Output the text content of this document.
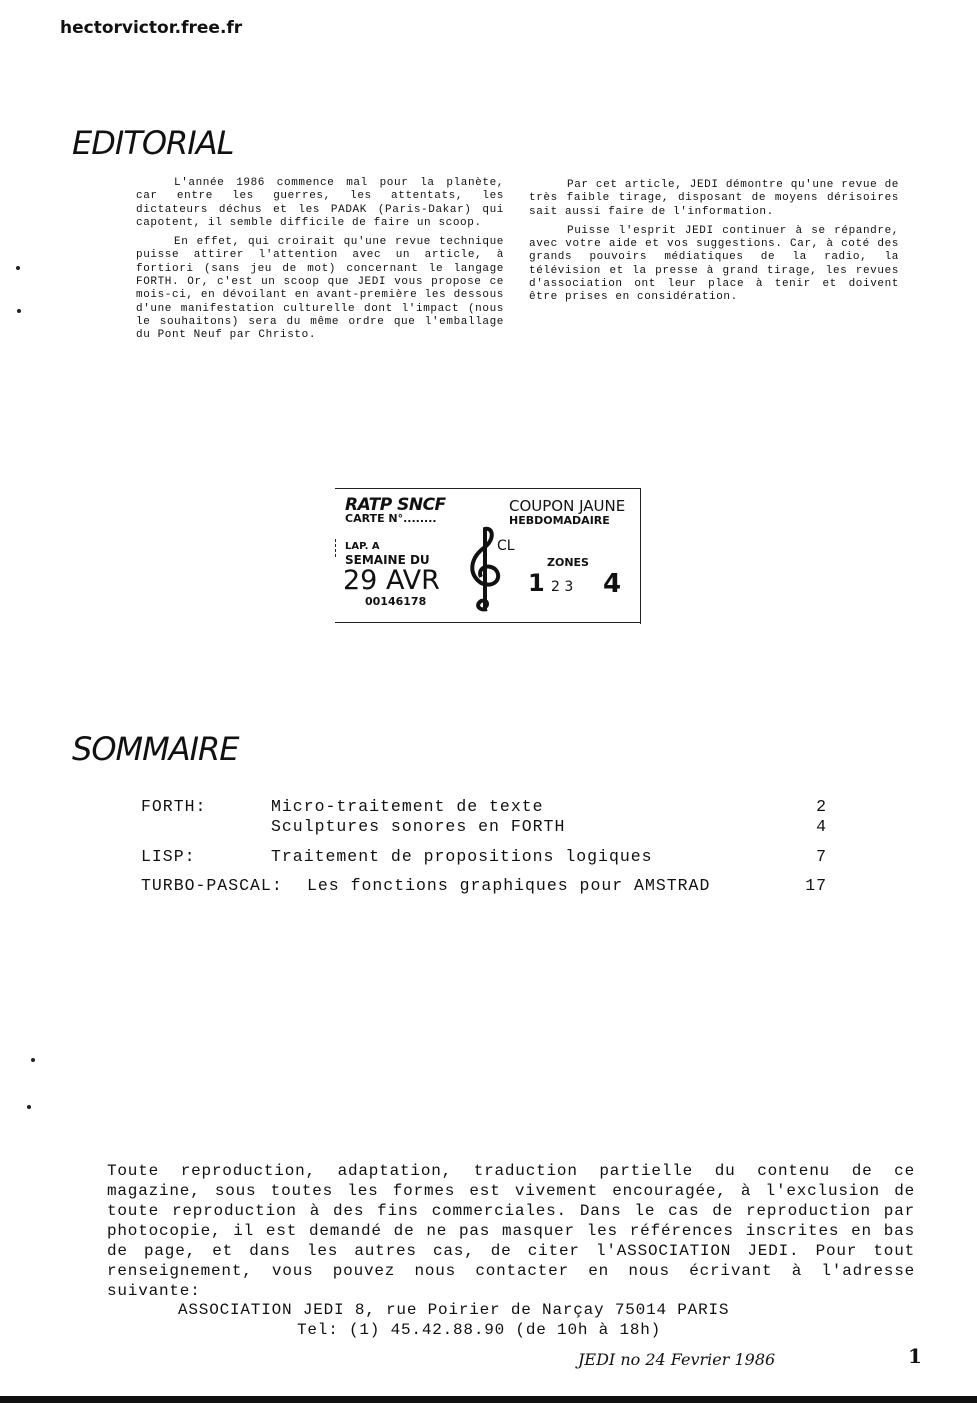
hectorvictor.free.fr
EDITORIAL

L'année 1986 commence mal pour la planète, car entre les guerres, les attentats, les dictateurs déchus et les PADAK (Paris-Dakar) qui capotent, il semble difficile de faire un scoop.

En effet, qui croirait qu'une revue technique puisse attirer l'attention avec un article, à fortiori (sans jeu de mot) concernant le langage FORTH. Or, c'est un scoop que JEDI vous propose ce mois-ci, en dévoilant en avant-première les dessous d'une manifestation culturelle dont l'impact (nous le souhaitons) sera du même ordre que l'emballage du Pont Neuf par Christo.

Par cet article, JEDI démontre qu'une revue de très faible tirage, disposant de moyens dérisoires sait aussi faire de l'information.

Puisse l'esprit JEDI continuer à se répandre, avec votre aide et vos suggestions. Car, à coté des grands pouvoirs médiatiques de la radio, la télévision et la presse à grand tirage, les revues d'association ont leur place à tenir et doivent être prises en considération.

RATP SNCF
CARTE N°........
COUPON JAUNE
HEBDOMADAIRE
LAP. A	CL
SEMAINE DU
29 AVR
00146178
ZONES
1 2 3 4
SOMMAIRE
FORTH:	Micro-traitement de texte	2
Sculptures sonores en FORTH	4
LISP:	Traitement de propositions logiques	7
TURBO-PASCAL: Les fonctions graphiques pour AMSTRAD	17

Toute reproduction, adaptation, traduction partielle du contenu de ce magazine, sous toutes les formes est vivement encouragée, à l'exclusion de toute reproduction à des fins commerciales. Dans le cas de reproduction par photocopie, il est demandé de ne pas masquer les références inscrites en bas de page, et dans les autres cas, de citer l'ASSOCIATION JEDI. Pour tout renseignement, vous pouvez nous contacter en nous écrivant à l'adresse suivante:

ASSOCIATION JEDI 8, rue Poirier de Narçay 75014 PARIS
Tel: (1) 45.42.88.90 (de 10h à 18h)
JEDI no 24 Fevrier 1986	1
